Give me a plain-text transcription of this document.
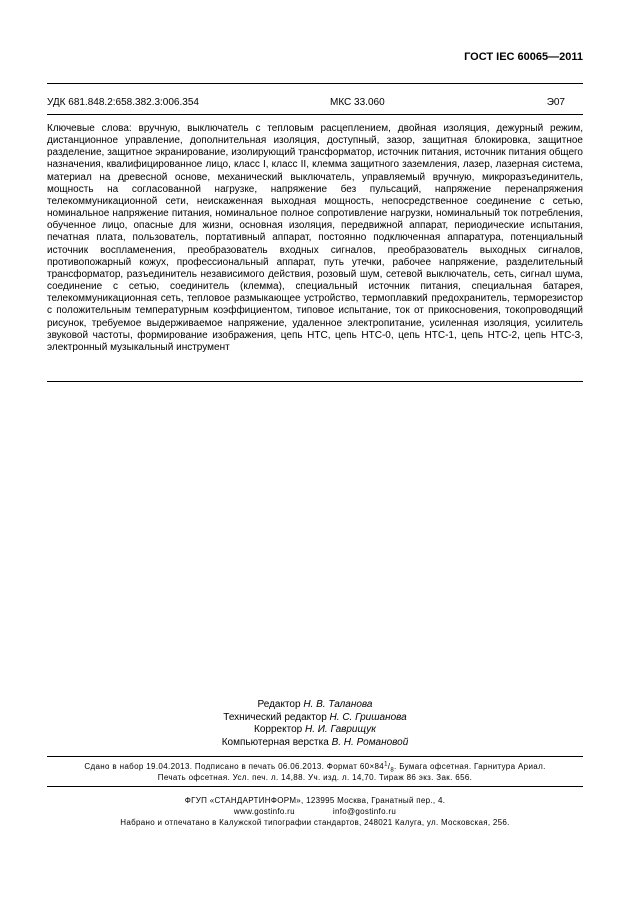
ГОСТ IEC 60065—2011
УДК 681.848.2:658.382.3:006.354	МКС 33.060	Э07

Ключевые слова: вручную, выключатель с тепловым расцеплением, двойная изоляция, дежурный режим, дистанционное управление, дополнительная изоляция, доступный, зазор, защитная блокировка, защитное разделение, защитное экранирование, изолирующий трансформатор, источник питания, источник питания общего назначения, квалифицированное лицо, класс I, класс II, клемма защитного заземления, лазер, лазерная система, материал на древесной основе, механический выключатель, управляемый вручную, микроразъединитель, мощность на согласованной нагрузке, напряжение без пульсаций, напряжение перенапряжения телекоммуникационной сети, неискаженная выходная мощность, непосредственное соединение с сетью, номинальное напряжение питания, номинальное полное сопротивление нагрузки, номинальный ток потребления, обученное лицо, опасные для жизни, основная изоляция, передвижной аппарат, периодические испытания, печатная плата, пользователь, портативный аппарат, постоянно подключенная аппаратура, потенциальный источник воспламенения, преобразователь входных сигналов, преобразователь выходных сигналов, противопожарный кожух, профессиональный аппарат, путь утечки, рабочее напряжение, разделительный трансформатор, разъединитель независимого действия, розовый шум, сетевой выключатель, сеть, сигнал шума, соединение с сетью, соединитель (клемма), специальный источник питания, специальная батарея, телекоммуникационная сеть, тепловое размыкающее устройство, термоплавкий предохранитель, терморезистор с положительным температурным коэффициентом, типовое испытание, ток от прикосновения, токопроводящий рисунок, требуемое выдерживаемое напряжение, удаленное электропитание, усиленная изоляция, усилитель звуковой частоты, формирование изображения, цепь НТС, цепь НТС-0, цепь НТС-1, цепь НТС-2, цепь НТС-3, электронный музыкальный инструмент

Редактор Н. В. Таланова
Технический редактор Н. С. Гришанова
Корректор Н. И. Гаврищук
Компьютерная верстка В. Н. Романовой
Сдано в набор 19.04.2013. Подписано в печать 06.06.2013. Формат $60\times 84^1/_8$. Бумага офсетная. Гарнитура Ариал.
Печать офсетная. Усл. печ. л. 14,88. Уч. изд. л. 14,70. Тираж 86 экз. Зак. 656.
ФГУП «СТАНДАРТИНФОРМ», 123995 Москва, Гранатный пер., 4.
www.gostinfo.ru	info@gostinfo.ru
Набрано и отпечатано в Калужской типографии стандартов, 248021 Калуга, ул. Московская, 256.
